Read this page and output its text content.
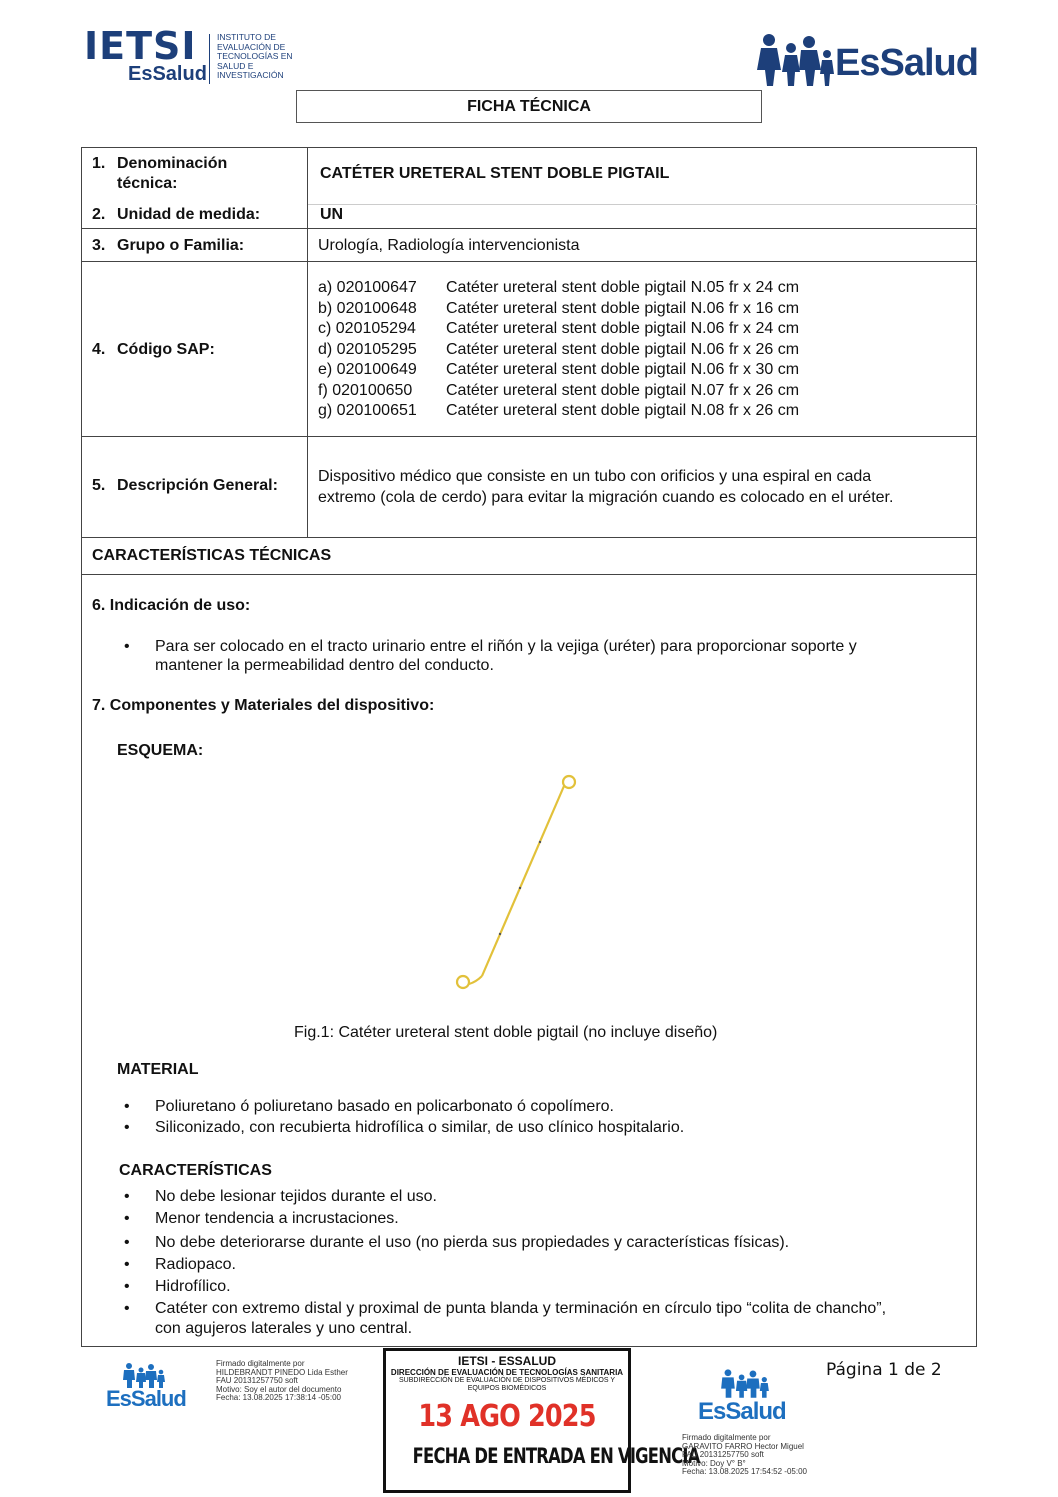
IETSI
EsSalud
INSTITUTO DE EVALUACIÓN DE TECNOLOGÍAS EN SALUD E INVESTIGACIÓN	EsSalud
FICHA TÉCNICA
1. Denominación técnica:
CATÉTER URETERAL STENT DOBLE PIGTAIL
2. Unidad de medida:	UN
3. Grupo o Familia:	Urología, Radiología intervencionista
4. Código SAP:
a) 020100647 Catéter ureteral stent doble pigtail N.05 fr x 24 cm
b) 020100648 Catéter ureteral stent doble pigtail N.06 fr x 16 cm
c) 020105294 Catéter ureteral stent doble pigtail N.06 fr x 24 cm
d) 020105295 Catéter ureteral stent doble pigtail N.06 fr x 26 cm
e) 020100649 Catéter ureteral stent doble pigtail N.06 fr x 30 cm
f) 020100650 Catéter ureteral stent doble pigtail N.07 fr x 26 cm
g) 020100651 Catéter ureteral stent doble pigtail N.08 fr x 26 cm
5. Descripción General:
Dispositivo médico que consiste en un tubo con orificios y una espiral en cada
extremo (cola de cerdo) para evitar la migración cuando es colocado en el uréter.
CARACTERÍSTICAS TÉCNICAS
6. Indicación de uso:
• Para ser colocado en el tracto urinario entre el riñón y la vejiga (uréter) para proporcionar soporte y
mantener la permeabilidad dentro del conducto.
7. Componentes y Materiales del dispositivo:
ESQUEMA:
Fig.1: Catéter ureteral stent doble pigtail (no incluye diseño)
MATERIAL
• Poliuretano ó poliuretano basado en policarbonato ó copolímero.
• Siliconizado, con recubierta hidrofílica o similar, de uso clínico hospitalario.
CARACTERÍSTICAS
• No debe lesionar tejidos durante el uso.
• Menor tendencia a incrustaciones.
• No debe deteriorarse durante el uso (no pierda sus propiedades y características físicas).
• Radiopaco.
• Hidrofílico.
• Catéter con extremo distal y proximal de punta blanda y terminación en círculo tipo “colita de chancho”,
con agujeros laterales y uno central.
EsSalud
Firmado digitalmente por
HILDEBRANDT PINEDO Lida Esther
FAU 20131257750 soft
Motivo: Soy el autor del documento
Fecha: 13.08.2025 17:38:14 -05:00
IETSI - ESSALUD
DIRECCIÓN DE EVALUACIÓN DE TECNOLOGÍAS SANITARIA
SUBDIRECCIÓN DE EVALUACIÓN DE DISPOSITIVOS MÉDICOS Y EQUIPOS BIOMÉDICOS
13 AGO 2025
FECHA DE ENTRADA EN VIGENCIA
EsSalud
Firmado digitalmente por
GARAVITO FARRO Hector Miguel
FAU 20131257750 soft
Motivo: Doy V° B°
Fecha: 13.08.2025 17:54:52 -05:00
Página 1 de 2
